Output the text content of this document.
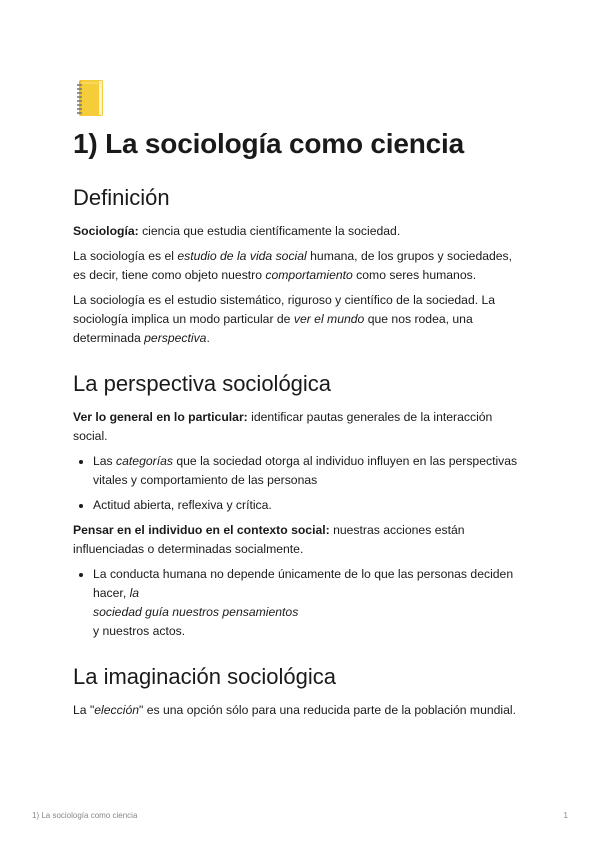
1) La sociología como ciencia
Definición

Sociología: ciencia que estudia científicamente la sociedad.

La sociología es el estudio de la vida social humana, de los grupos y sociedades, es decir, tiene como objeto nuestro comportamiento como seres humanos.

La sociología es el estudio sistemático, riguroso y científico de la sociedad. La sociología implica un modo particular de ver el mundo que nos rodea, una determinada perspectiva.

La perspectiva sociológica

Ver lo general en lo particular: identificar pautas generales de la interacción social.

• Las categorías que la sociedad otorga al individuo influyen en las perspectivas
vitales y comportamiento de las personas
• Actitud abierta, reflexiva y crítica.

Pensar en el individuo en el contexto social: nuestras acciones están influenciadas o determinadas socialmente.

• La conducta humana no depende únicamente de lo que las personas deciden hacer, la
sociedad guía nuestros pensamientos
y nuestros actos.
La imaginación sociológica

La "elección" es una opción sólo para una reducida parte de la población mundial.

1) La sociología como ciencia	1
